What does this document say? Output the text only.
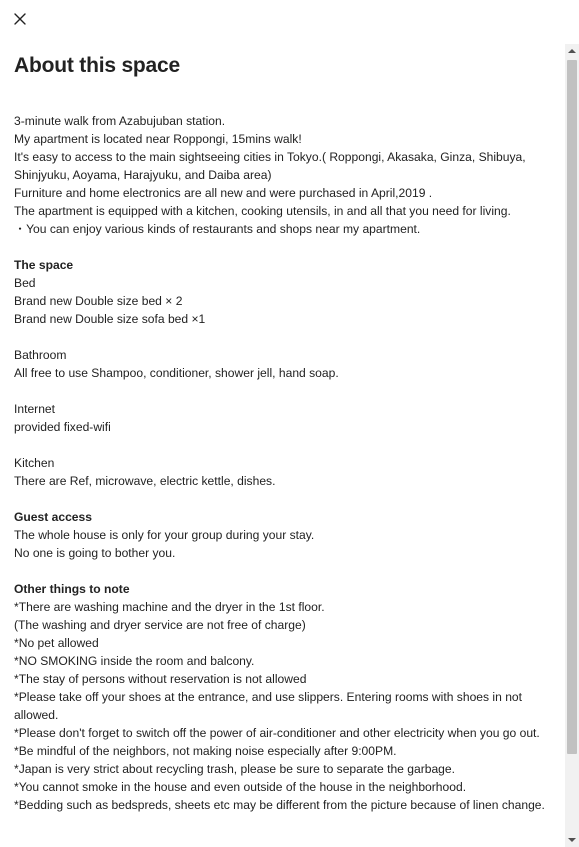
About this space
3-minute walk from Azabujuban station.
My apartment is located near Roppongi, 15mins walk!
It's easy to access to the main sightseeing cities in Tokyo.( Roppongi, Akasaka, Ginza, Shibuya, Shinjyuku, Aoyama, Harajyuku, and Daiba area)
Furniture and home electronics are all new and were purchased in April,2019 .
The apartment is equipped with a kitchen, cooking utensils, in and all that you need for living.
・You can enjoy various kinds of restaurants and shops near my apartment.
The space
Bed
Brand new Double size bed × 2
Brand new Double size sofa bed ×1
Bathroom
All free to use Shampoo, conditioner, shower jell, hand soap.
Internet
provided fixed-wifi
Kitchen
There are Ref, microwave, electric kettle, dishes.
Guest access
The whole house is only for your group during your stay.
No one is going to bother you.
Other things to note
*There are washing machine and the dryer in the 1st floor.
(The washing and dryer service are not free of charge)
*No pet allowed
*NO SMOKING inside the room and balcony.
*The stay of persons without reservation is not allowed
*Please take off your shoes at the entrance, and use slippers. Entering rooms with shoes in not allowed.
*Please don't forget to switch off the power of air-conditioner and other electricity when you go out.
*Be mindful of the neighbors, not making noise especially after 9:00PM.
*Japan is very strict about recycling trash, please be sure to separate the garbage.
*You cannot smoke in the house and even outside of the house in the neighborhood.
*Bedding such as bedspreds, sheets etc may be different from the picture because of linen change.
